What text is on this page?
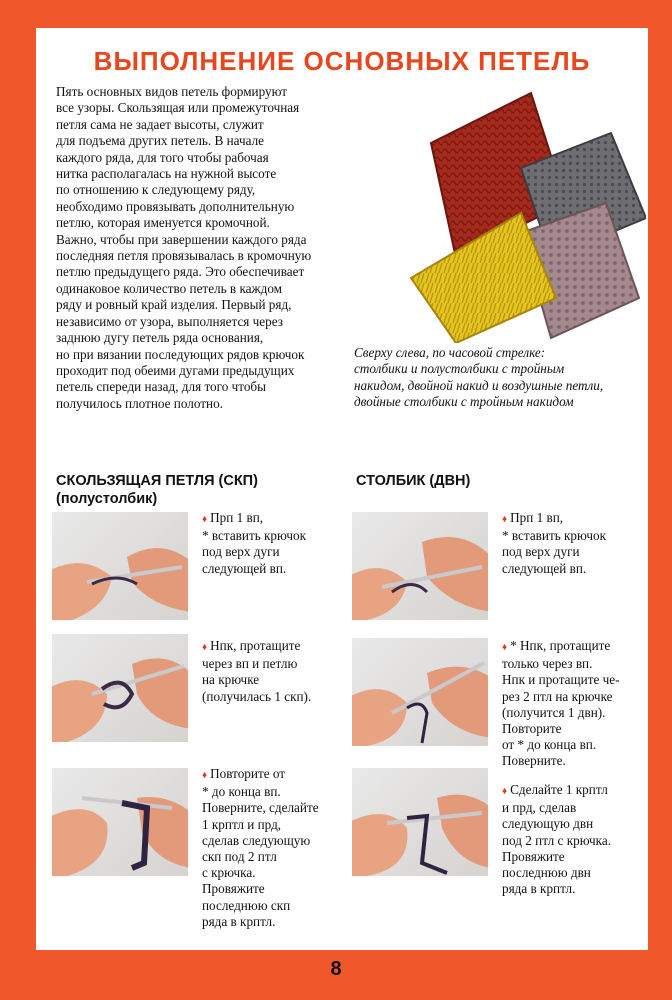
ВЫПОЛНЕНИЕ ОСНОВНЫХ ПЕТЕЛЬ
Пять основных видов петель формируют
все узоры. Скользящая или промежуточная
петля сама не задает высоты, служит
для подъема других петель. В начале
каждого ряда, для того чтобы рабочая
нитка располагалась на нужной высоте
по отношению к следующему ряду,
необходимо провязывать дополнительную
петлю, которая именуется кромочной.
Важно, чтобы при завершении каждого ряда
последняя петля провязывалась в кромочную
петлю предыдущего ряда. Это обеспечивает
одинаковое количество петель в каждом
ряду и ровный край изделия. Первый ряд,
независимо от узора, выполняется через
заднюю дугу петель ряда основания,
но при вязании последующих рядов крючок
проходит под обеими дугами предыдущих
петель спереди назад, для того чтобы
получилось плотное полотно.
Сверху слева, по часовой стрелке:
столбики и полустолбики с тройным
накидом, двойной накид и воздушные петли,
двойные столбики с тройным накидом
СКОЛЬЗЯЩАЯ ПЕТЛЯ (СКП)
(полустолбик)
СТОЛБИК (ДВН)
♦ Прп 1 вп,
* вставить крючок
под верх дуги
следующей вп.
♦ Нпк, протащите
через вп и петлю
на крючке
(получилась 1 скп).
♦ Повторите от
* до конца вп.
Поверните, сделайте
1 крптл и прд,
сделав следующую
скп под 2 птл
с крючка.
Провяжите
последнюю скп
ряда в крптл.
♦ Прп 1 вп,
* вставить крючок
под верх дуги
следующей вп.
♦ * Нпк, протащите
только через вп.
Нпк и протащите че-
рез 2 птл на крючке
(получится 1 двн).
Повторите
от * до конца вп.
Поверните.
♦ Сделайте 1 крптл
и прд, сделав
следующую двн
под 2 птл с крючка.
Провяжите
последнюю двн
ряда в крптл.
8
